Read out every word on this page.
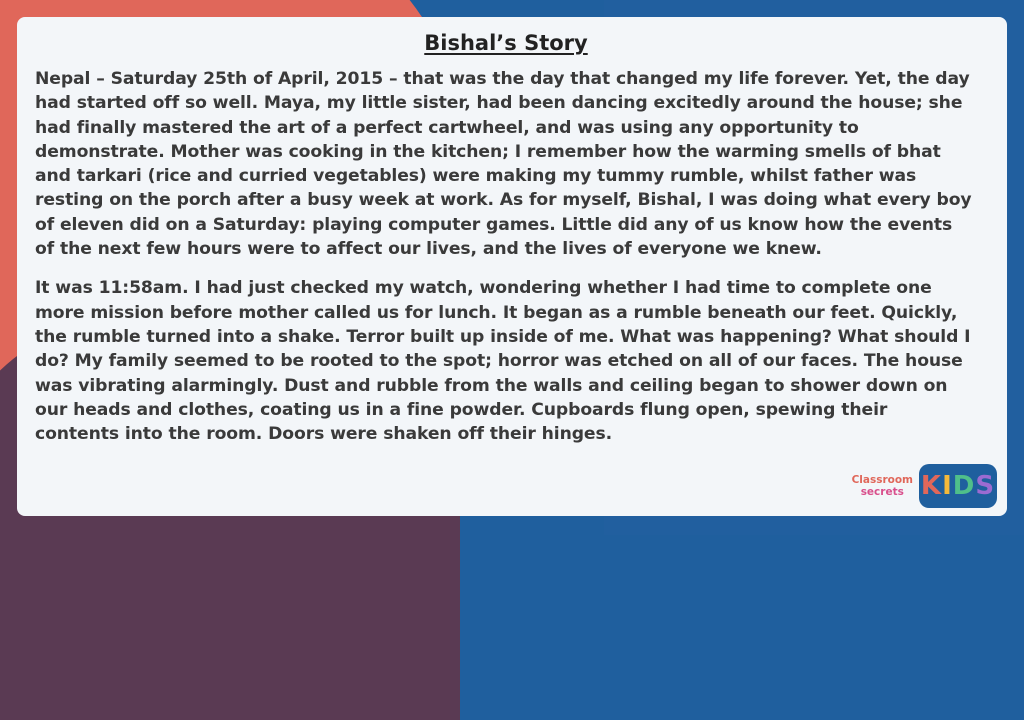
Bishal’s Story

Nepal – Saturday 25th of April, 2015 – that was the day that changed my life forever. Yet, the day had started off so well. Maya, my little sister, had been dancing excitedly around the house; she had finally mastered the art of a perfect cartwheel, and was using any opportunity to demonstrate. Mother was cooking in the kitchen; I remember how the warming smells of bhat and tarkari (rice and curried vegetables) were making my tummy rumble, whilst father was resting on the porch after a busy week at work. As for myself, Bishal, I was doing what every boy of eleven did on a Saturday: playing computer games. Little did any of us know how the events of the next few hours were to affect our lives, and the lives of everyone we knew.

It was 11:58am. I had just checked my watch, wondering whether I had time to complete one more mission before mother called us for lunch. It began as a rumble beneath our feet. Quickly, the rumble turned into a shake. Terror built up inside of me. What was happening? What should I do? My family seemed to be rooted to the spot; horror was etched on all of our faces. The house was vibrating alarmingly. Dust and rubble from the walls and ceiling began to shower down on our heads and clothes, coating us in a fine powder. Cupboards flung open, spewing their contents into the room. Doors were shaken off their hinges.

Classroom
secrets K I D S
